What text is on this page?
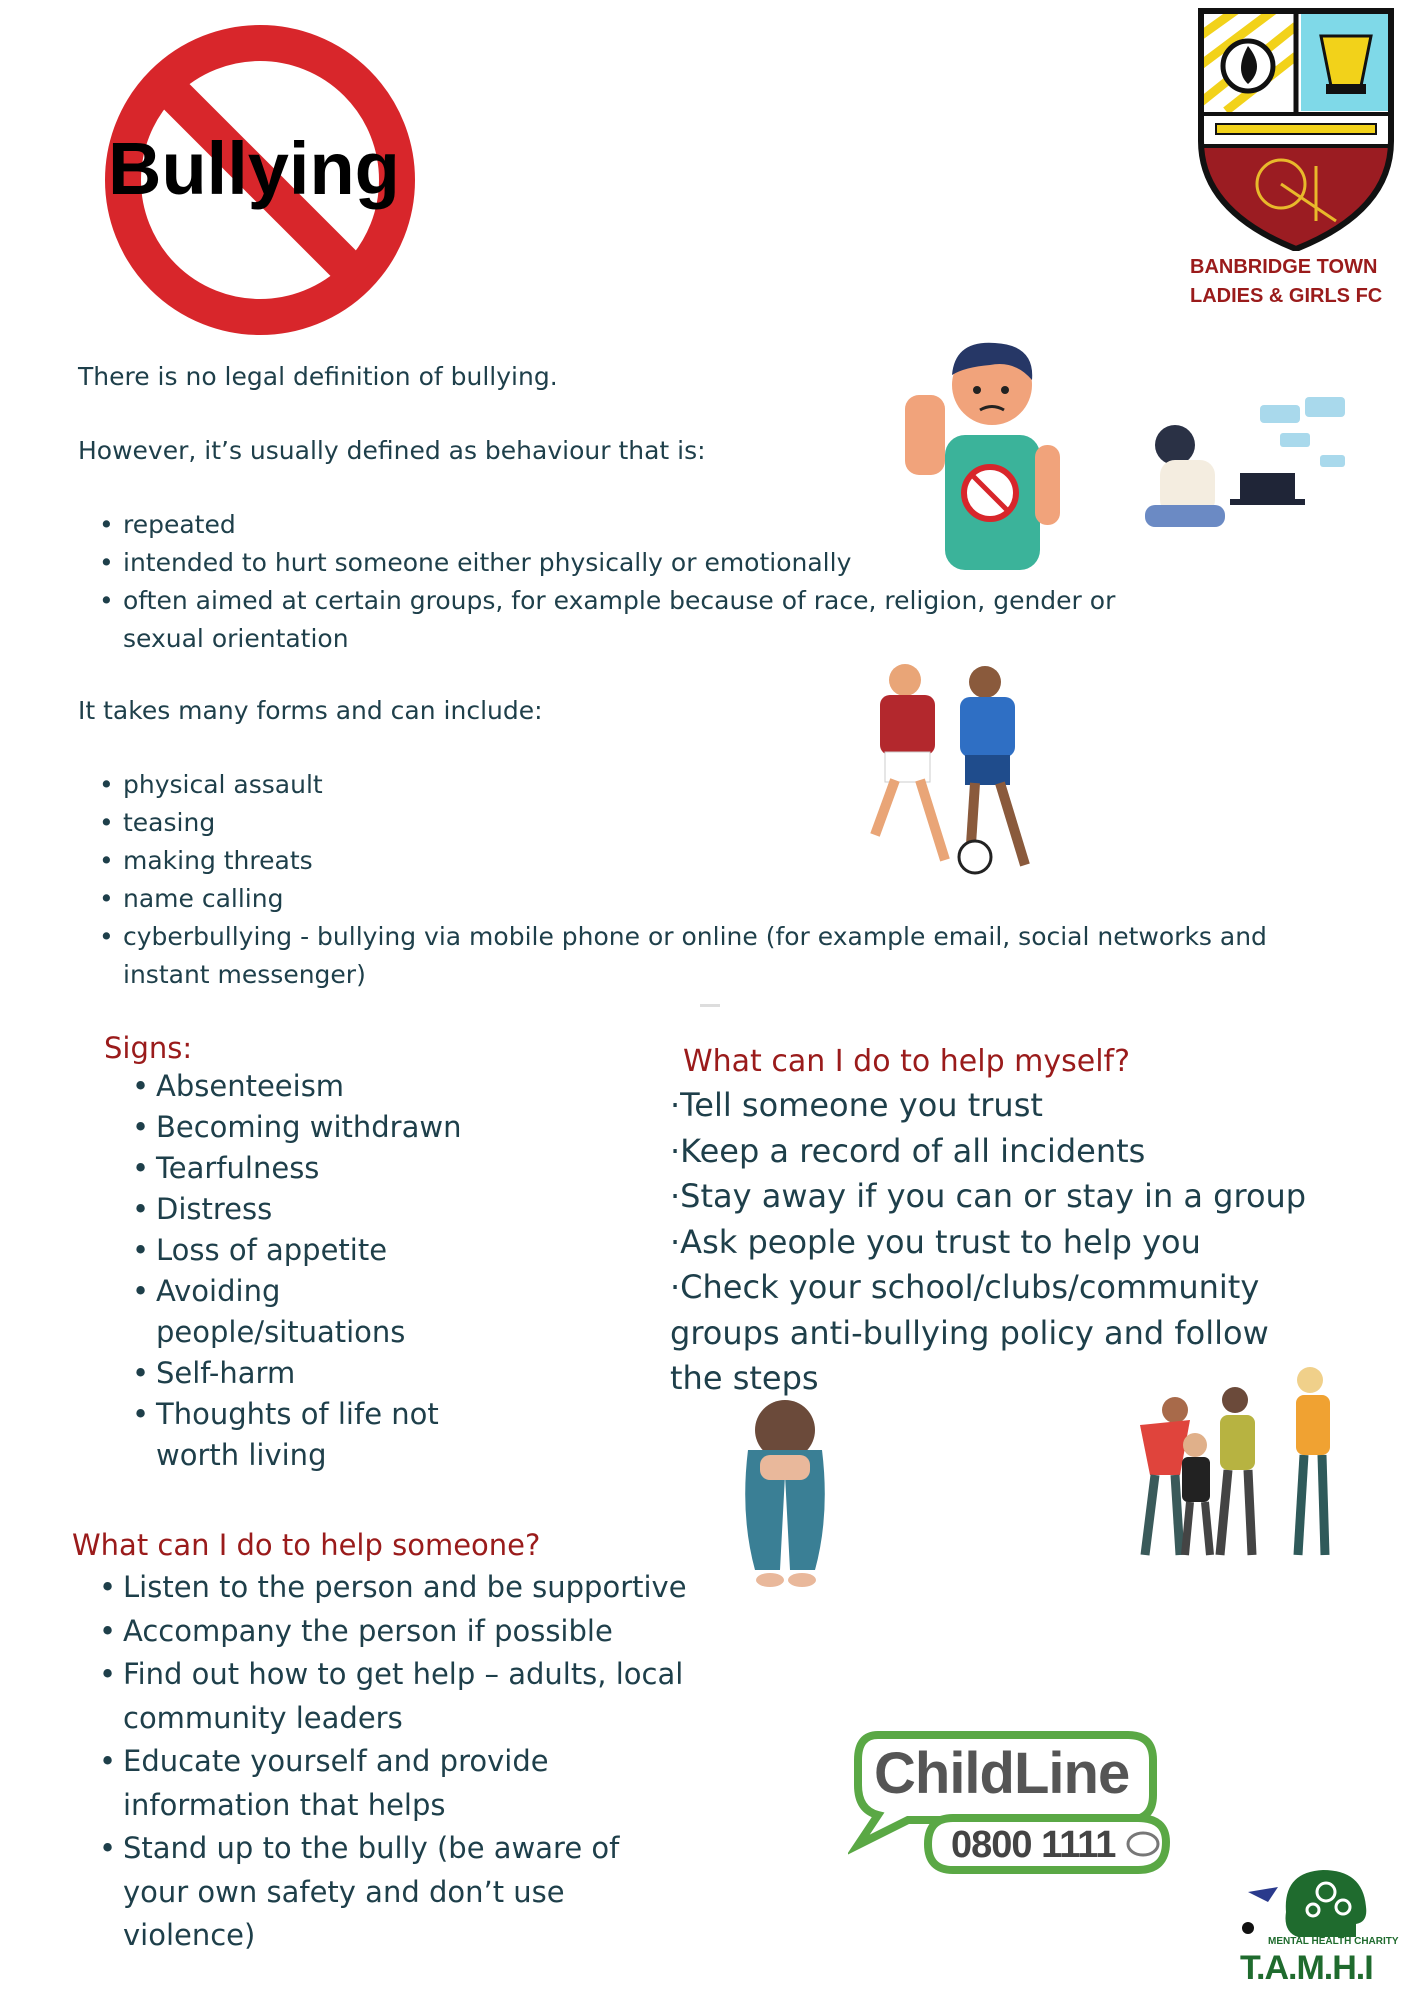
Bullying
BANBRIDGE TOWN
LADIES & GIRLS FC
There is no legal definition of bullying.
However, it’s usually defined as behaviour that is:
• repeated
• intended to hurt someone either physically or emotionally
• often aimed at certain groups, for example because of race, religion, gender or sexual orientation
It takes many forms and can include:
• physical assault
• teasing
• making threats
• name calling
• cyberbullying - bullying via mobile phone or online (for example email, social networks and instant messenger)
Signs:
• Absenteeism
• Becoming withdrawn
• Tearfulness
• Distress
• Loss of appetite
• Avoiding people/situations
• Self-harm
• Thoughts of life not worth living
What can I do to help myself?
·Tell someone you trust
·Keep a record of all incidents
·Stay away if you can or stay in a group
·Ask people you trust to help you
·Check your school/clubs/community groups anti-bullying policy and follow the steps
What can I do to help someone?
• Listen to the person and be supportive
• Accompany the person if possible
• Find out how to get help – adults, local community leaders
• Educate yourself and provide information that helps
• Stand up to the bully (be aware of your own safety and don’t use violence)
ChildLine
0800 1111
MENTAL HEALTH CHARITY
T.A.M.H.I
